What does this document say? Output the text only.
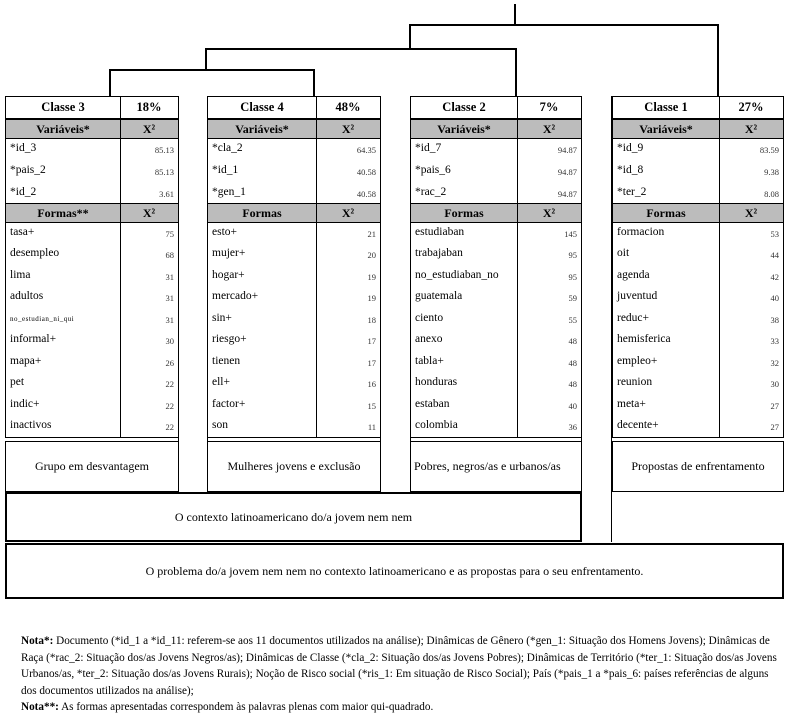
Classe 3	18%
Variáveis*	X²
*id_3	85.13
*pais_2	85.13
*id_2	3.61
Formas**	X²
tasa+	75
desempleo	68
lima	31
adultos	31
no_estudian_ni_qui	31
informal+	30
mapa+	26
pet	22
indic+	22
inactivos	22
Classe 4	48%
Variáveis*	X²
*cla_2	64.35
*id_1	40.58
*gen_1	40.58
Formas	X²
esto+	21
mujer+	20
hogar+	19
mercado+	19
sin+	18
riesgo+	17
tienen	17
ell+	16
factor+	15
son	11
Classe 2	7%
Variáveis*	X²
*id_7	94.87
*pais_6	94.87
*rac_2	94.87
Formas	X²
estudiaban	145
trabajaban	95
no_estudiaban_no	95
guatemala	59
ciento	55
anexo	48
tabla+	48
honduras	48
estaban	40
colombia	36
Classe 1	27%
Variáveis*	X²
*id_9	83.59
*id_8	9.38
*ter_2	8.08
Formas	X²
formacion	53
oit	44
agenda	42
juventud	40
reduc+	38
hemisferica	33
empleo+	32
reunion	30
meta+	27
decente+	27
Grupo em desvantagem	Mulheres jovens e exclusão	Pobres, negros/as e urbanos/as	Propostas de enfrentamento
O contexto latinoamericano do/a jovem nem nem
O problema do/a jovem nem nem no contexto latinoamericano e as propostas para o seu enfrentamento.
Nota*: Documento (*id_1 a *id_11: referem-se aos 11 documentos utilizados na análise); Dinâmicas de Gênero (*gen_1: Situação dos Homens Jovens); Dinâmicas de Raça (*rac_2: Situação dos/as Jovens Negros/as); Dinâmicas de Classe (*cla_2: Situação dos/as Jovens Pobres); Dinâmicas de Território (*ter_1: Situação dos/as Jovens Urbanos/as, *ter_2: Situação dos/as Jovens Rurais); Noção de Risco social (*ris_1: Em situação de Risco Social); País (*pais_1 a *pais_6: países referências de alguns dos documentos utilizados na análise);
Nota**: As formas apresentadas correspondem às palavras plenas com maior qui-quadrado.
